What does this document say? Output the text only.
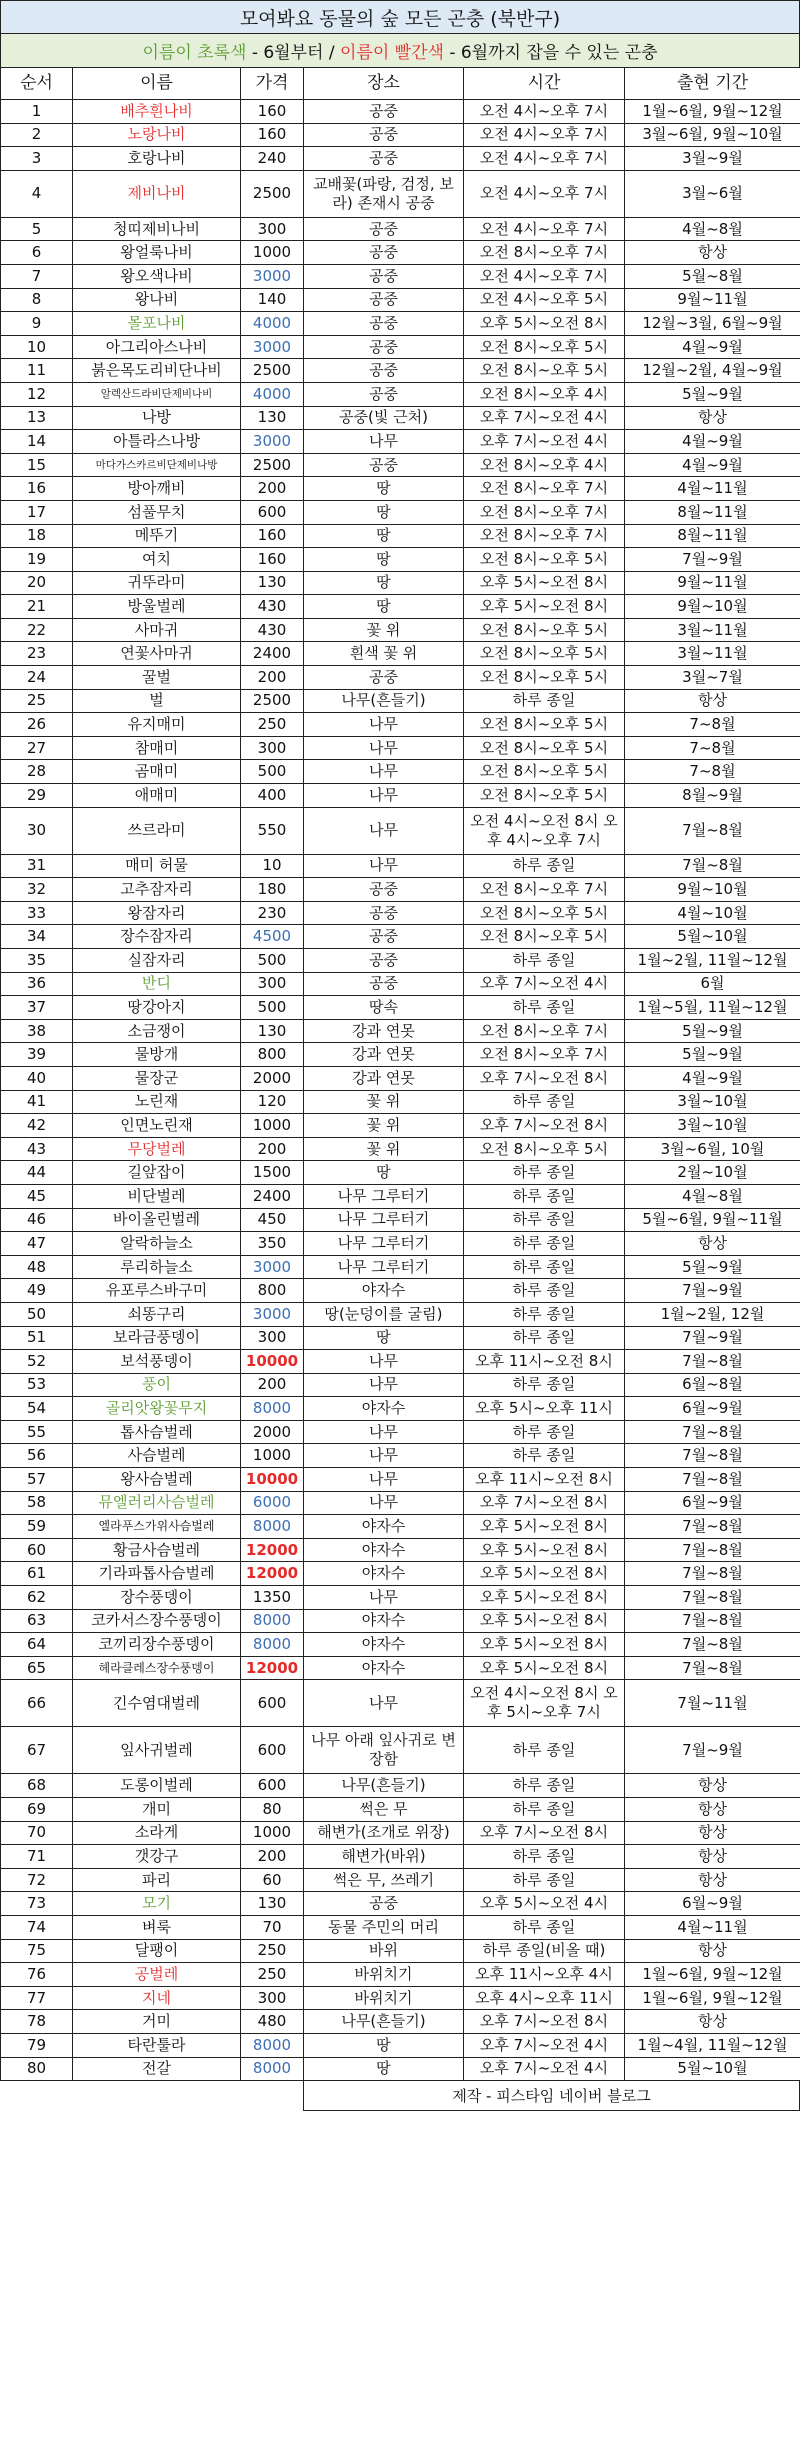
모여봐요 동물의 숲 모든 곤충 (북반구)
이름이 초록색 - 6월부터 / 이름이 빨간색 - 6월까지 잡을 수 있는 곤충
순서	이름	가격	장소	시간	출현 기간
1	배추흰나비	160	공중	오전 4시~오후 7시	1월~6월, 9월~12월
2	노랑나비	160	공중	오전 4시~오후 7시	3월~6월, 9월~10월
3	호랑나비	240	공중	오전 4시~오후 7시	3월~9월
4	제비나비	2500	교배꽃(파랑, 검정, 보라) 존재시 공중	오전 4시~오후 7시	3월~6월
5	청띠제비나비	300	공중	오전 4시~오후 7시	4월~8월
6	왕얼룩나비	1000	공중	오전 8시~오후 7시	항상
7	왕오색나비	3000	공중	오전 4시~오후 7시	5월~8월
8	왕나비	140	공중	오전 4시~오후 5시	9월~11월
9	몰포나비	4000	공중	오후 5시~오전 8시	12월~3월, 6월~9월
10	아그리아스나비	3000	공중	오전 8시~오후 5시	4월~9월
11	붉은목도리비단나비	2500	공중	오전 8시~오후 5시	12월~2월, 4월~9월
12	알렉산드라비단제비나비	4000	공중	오전 8시~오후 4시	5월~9월
13	나방	130	공중(빛 근처)	오후 7시~오전 4시	항상
14	아틀라스나방	3000	나무	오후 7시~오전 4시	4월~9월
15	마다가스카르비단제비나방	2500	공중	오전 8시~오후 4시	4월~9월
16	방아깨비	200	땅	오전 8시~오후 7시	4월~11월
17	섬풀무치	600	땅	오전 8시~오후 7시	8월~11월
18	메뚜기	160	땅	오전 8시~오후 7시	8월~11월
19	여치	160	땅	오전 8시~오후 5시	7월~9월
20	귀뚜라미	130	땅	오후 5시~오전 8시	9월~11월
21	방울벌레	430	땅	오후 5시~오전 8시	9월~10월
22	사마귀	430	꽃 위	오전 8시~오후 5시	3월~11월
23	연꽃사마귀	2400	흰색 꽃 위	오전 8시~오후 5시	3월~11월
24	꿀벌	200	공중	오전 8시~오후 5시	3월~7월
25	벌	2500	나무(흔들기)	하루 종일	항상
26	유지매미	250	나무	오전 8시~오후 5시	7~8월
27	참매미	300	나무	오전 8시~오후 5시	7~8월
28	곰매미	500	나무	오전 8시~오후 5시	7~8월
29	애매미	400	나무	오전 8시~오후 5시	8월~9월
30	쓰르라미	550	나무	오전 4시~오전 8시 오후 4시~오후 7시	7월~8월
31	매미 허물	10	나무	하루 종일	7월~8월
32	고추잠자리	180	공중	오전 8시~오후 7시	9월~10월
33	왕잠자리	230	공중	오전 8시~오후 5시	4월~10월
34	장수잠자리	4500	공중	오전 8시~오후 5시	5월~10월
35	실잠자리	500	공중	하루 종일	1월~2월, 11월~12월
36	반디	300	공중	오후 7시~오전 4시	6월
37	땅강아지	500	땅속	하루 종일	1월~5월, 11월~12월
38	소금쟁이	130	강과 연못	오전 8시~오후 7시	5월~9월
39	물방개	800	강과 연못	오전 8시~오후 7시	5월~9월
40	물장군	2000	강과 연못	오후 7시~오전 8시	4월~9월
41	노린재	120	꽃 위	하루 종일	3월~10월
42	인면노린재	1000	꽃 위	오후 7시~오전 8시	3월~10월
43	무당벌레	200	꽃 위	오전 8시~오후 5시	3월~6월, 10월
44	길앞잡이	1500	땅	하루 종일	2월~10월
45	비단벌레	2400	나무 그루터기	하루 종일	4월~8월
46	바이올린벌레	450	나무 그루터기	하루 종일	5월~6월, 9월~11월
47	알락하늘소	350	나무 그루터기	하루 종일	항상
48	루리하늘소	3000	나무 그루터기	하루 종일	5월~9월
49	유포루스바구미	800	야자수	하루 종일	7월~9월
50	쇠똥구리	3000	땅(눈덩이를 굴림)	하루 종일	1월~2월, 12월
51	보라금풍뎅이	300	땅	하루 종일	7월~9월
52	보석풍뎅이	10000	나무	오후 11시~오전 8시	7월~8월
53	풍이	200	나무	하루 종일	6월~8월
54	골리앗왕꽃무지	8000	야자수	오후 5시~오후 11시	6월~9월
55	톱사슴벌레	2000	나무	하루 종일	7월~8월
56	사슴벌레	1000	나무	하루 종일	7월~8월
57	왕사슴벌레	10000	나무	오후 11시~오전 8시	7월~8월
58	뮤엘러리사슴벌레	6000	나무	오후 7시~오전 8시	6월~9월
59	엘라푸스가위사슴벌레	8000	야자수	오후 5시~오전 8시	7월~8월
60	황금사슴벌레	12000	야자수	오후 5시~오전 8시	7월~8월
61	기라파톱사슴벌레	12000	야자수	오후 5시~오전 8시	7월~8월
62	장수풍뎅이	1350	나무	오후 5시~오전 8시	7월~8월
63	코카서스장수풍뎅이	8000	야자수	오후 5시~오전 8시	7월~8월
64	코끼리장수풍뎅이	8000	야자수	오후 5시~오전 8시	7월~8월
65	헤라클레스장수풍뎅이	12000	야자수	오후 5시~오전 8시	7월~8월
66	긴수염대벌레	600	나무	오전 4시~오전 8시 오후 5시~오후 7시	7월~11월
67	잎사귀벌레	600	나무 아래 잎사귀로 변장함	하루 종일	7월~9월
68	도롱이벌레	600	나무(흔들기)	하루 종일	항상
69	개미	80	썩은 무	하루 종일	항상
70	소라게	1000	해변가(조개로 위장)	오후 7시~오전 8시	항상
71	갯강구	200	해변가(바위)	하루 종일	항상
72	파리	60	썩은 무, 쓰레기	하루 종일	항상
73	모기	130	공중	오후 5시~오전 4시	6월~9월
74	벼룩	70	동물 주민의 머리	하루 종일	4월~11월
75	달팽이	250	바위	하루 종일(비올 때)	항상
76	공벌레	250	바위치기	오후 11시~오후 4시	1월~6월, 9월~12월
77	지네	300	바위치기	오후 4시~오후 11시	1월~6월, 9월~12월
78	거미	480	나무(흔들기)	오후 7시~오전 8시	항상
79	타란툴라	8000	땅	오후 7시~오전 4시	1월~4월, 11월~12월
80	전갈	8000	땅	오후 7시~오전 4시	5월~10월
제작 - 피스타임 네이버 블로그
